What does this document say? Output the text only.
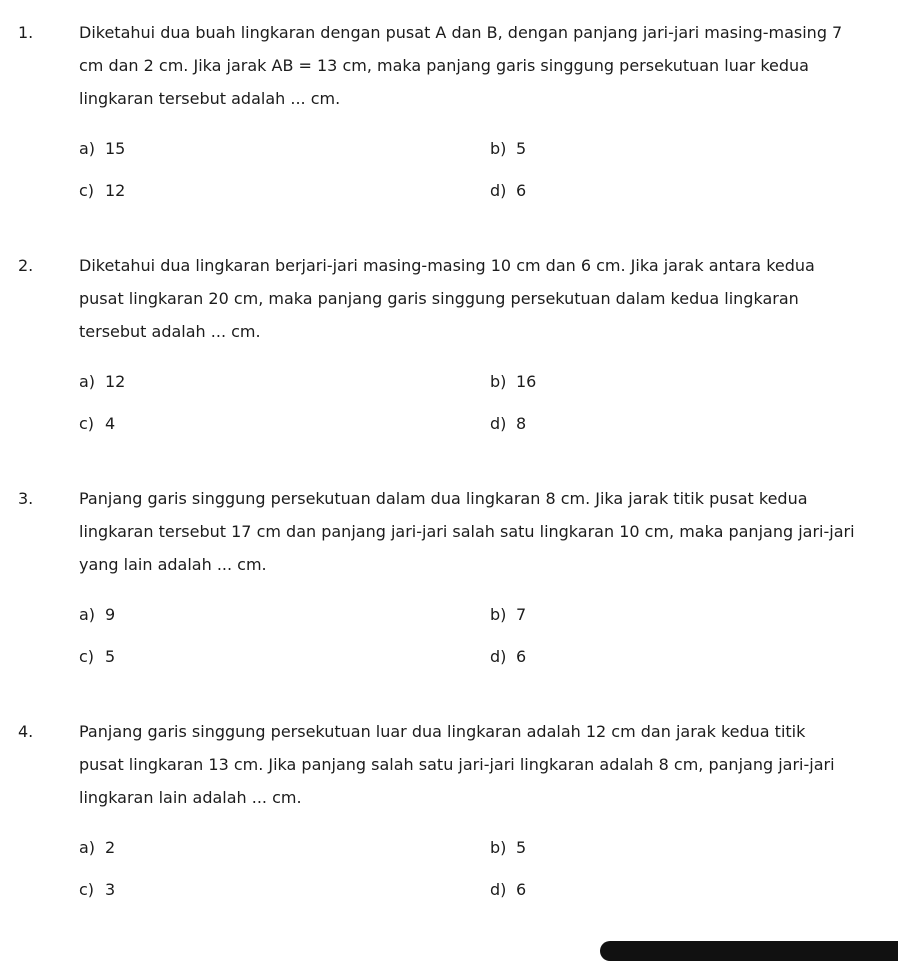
1.	Diketahui dua buah lingkaran dengan pusat A dan B, dengan panjang jari-jari masing-masing 7
cm dan 2 cm. Jika jarak AB = 13 cm, maka panjang garis singgung persekutuan luar kedua
lingkaran tersebut adalah ... cm.
a) 15	b) 5
c) 12	d) 6
2.	Diketahui dua lingkaran berjari-jari masing-masing 10 cm dan 6 cm. Jika jarak antara kedua
pusat lingkaran 20 cm, maka panjang garis singgung persekutuan dalam kedua lingkaran
tersebut adalah ... cm.
a) 12	b) 16
c) 4	d) 8
3.	Panjang garis singgung persekutuan dalam dua lingkaran 8 cm. Jika jarak titik pusat kedua
lingkaran tersebut 17 cm dan panjang jari-jari salah satu lingkaran 10 cm, maka panjang jari-jari
yang lain adalah ... cm.
a) 9	b) 7
c) 5	d) 6
4.	Panjang garis singgung persekutuan luar dua lingkaran adalah 12 cm dan jarak kedua titik
pusat lingkaran 13 cm. Jika panjang salah satu jari-jari lingkaran adalah 8 cm, panjang jari-jari
lingkaran lain adalah ... cm.
a) 2	b) 5
c) 3	d) 6
